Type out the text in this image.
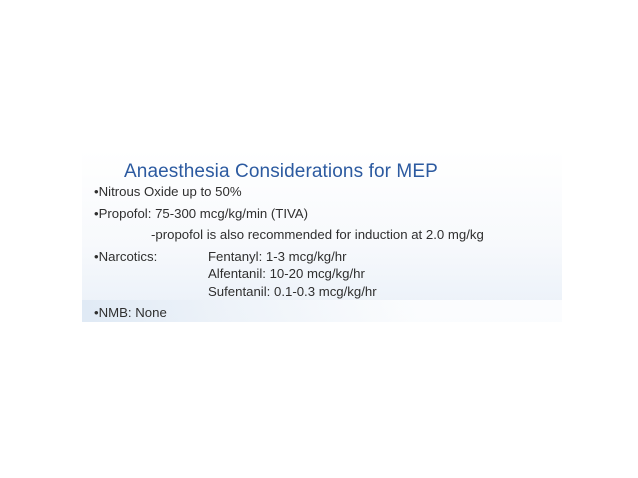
Anaesthesia Considerations for MEP

•Nitrous Oxide up to 50%

•Propofol: 75-300 mcg/kg/min (TIVA)

-propofol is also recommended for induction at 2.0 mg/kg

•Narcotics:	Fentanyl: 1-3 mcg/kg/hr

Alfentanil: 10-20 mcg/kg/hr

Sufentanil: 0.1-0.3 mcg/kg/hr

•NMB: None
